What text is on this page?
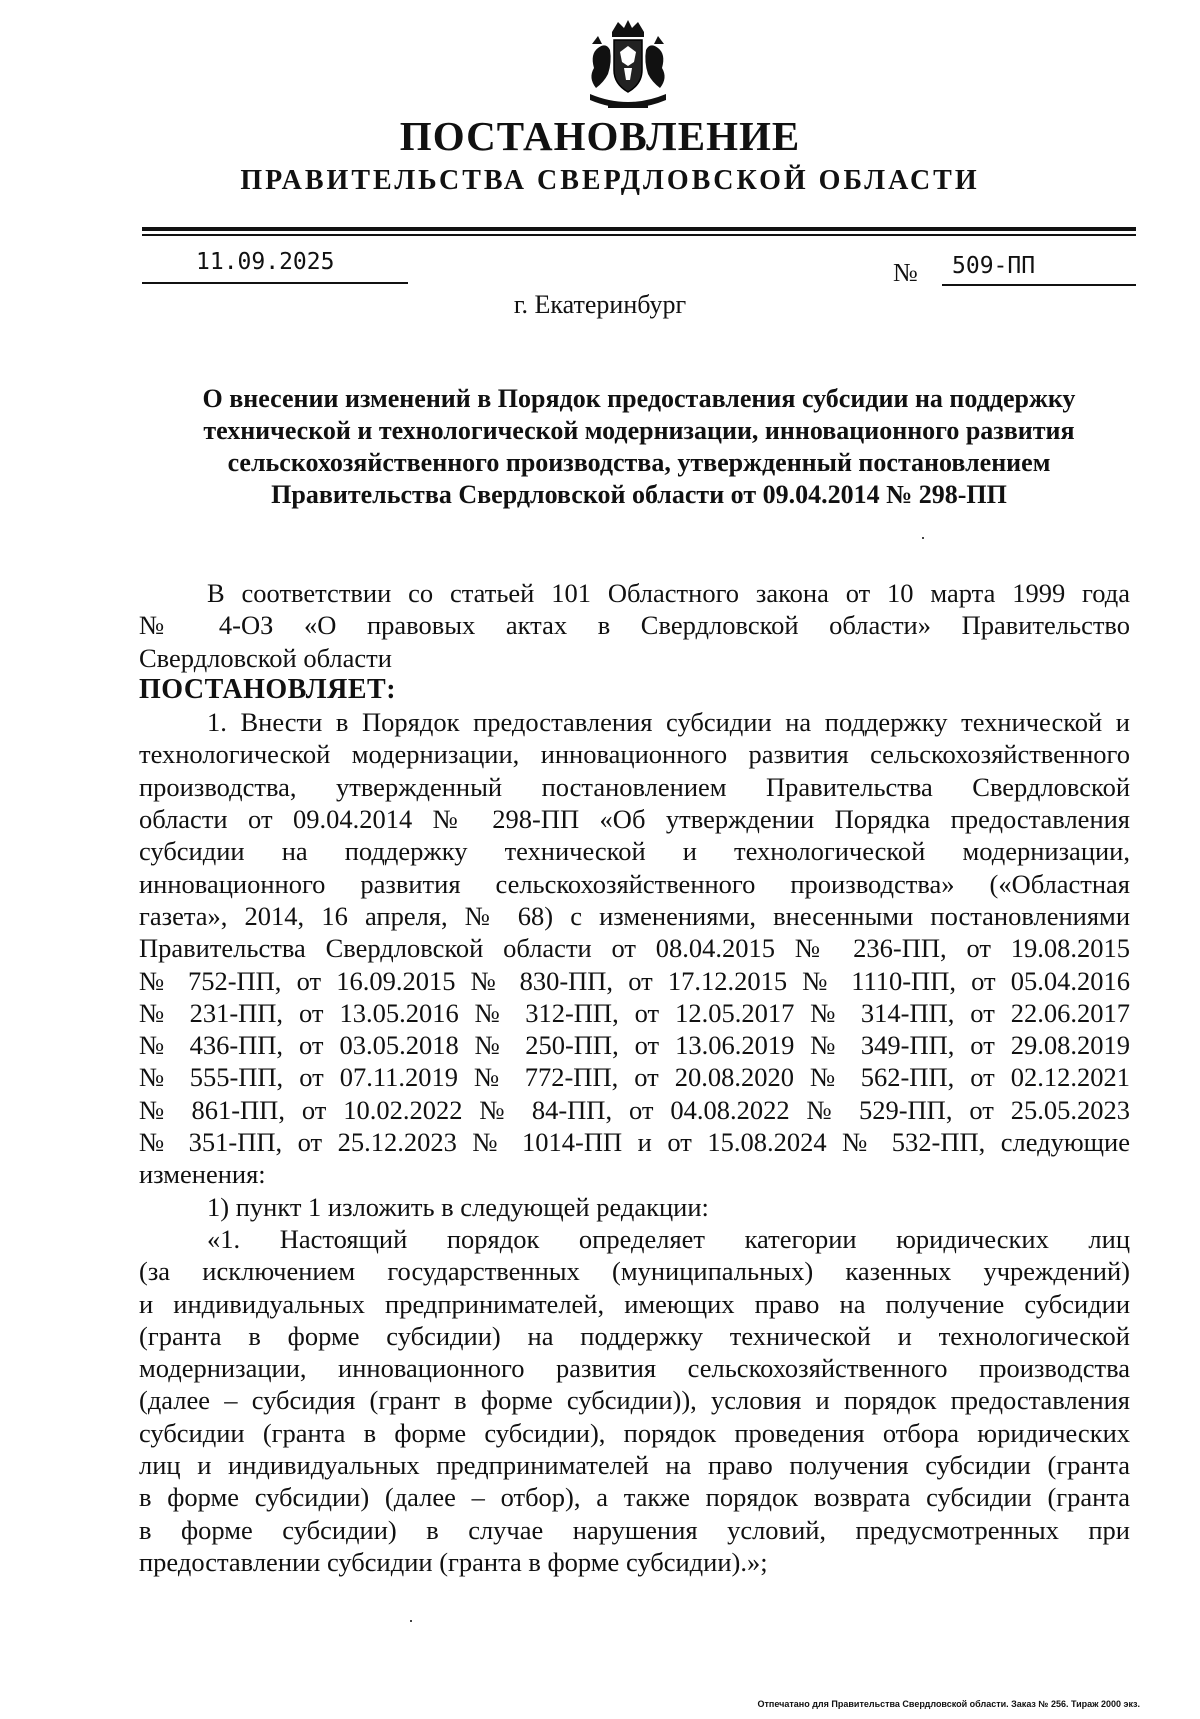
ПОСТАНОВЛЕНИЕ
ПРАВИТЕЛЬСТВА СВЕРДЛОВСКОЙ ОБЛАСТИ
11.09.2025	№ 509-ПП
г. Екатеринбург
О внесении изменений в Порядок предоставления субсидии на поддержку
технической и технологической модернизации, инновационного развития
сельскохозяйственного производства, утвержденный постановлением
Правительства Свердловской области от 09.04.2014 № 298-ПП
В соответствии со статьей 101 Областного закона от 10 марта 1999 года
№ 4-ОЗ «О правовых актах в Свердловской области» Правительство
Свердловской области
ПОСТАНОВЛЯЕТ:
1. Внести в Порядок предоставления субсидии на поддержку технической и
технологической модернизации, инновационного развития сельскохозяйственного
производства, утвержденный постановлением Правительства Свердловской
области от 09.04.2014 № 298-ПП «Об утверждении Порядка предоставления
субсидии на поддержку технической и технологической модернизации,
инновационного развития сельскохозяйственного производства» («Областная
газета», 2014, 16 апреля, № 68) с изменениями, внесенными постановлениями
Правительства Свердловской области от 08.04.2015 № 236-ПП, от 19.08.2015
№ 752-ПП, от 16.09.2015 № 830-ПП, от 17.12.2015 № 1110-ПП, от 05.04.2016
№ 231-ПП, от 13.05.2016 № 312-ПП, от 12.05.2017 № 314-ПП, от 22.06.2017
№ 436-ПП, от 03.05.2018 № 250-ПП, от 13.06.2019 № 349-ПП, от 29.08.2019
№ 555-ПП, от 07.11.2019 № 772-ПП, от 20.08.2020 № 562-ПП, от 02.12.2021
№ 861-ПП, от 10.02.2022 № 84-ПП, от 04.08.2022 № 529-ПП, от 25.05.2023
№ 351-ПП, от 25.12.2023 № 1014-ПП и от 15.08.2024 № 532-ПП, следующие
изменения:
1) пункт 1 изложить в следующей редакции:
«1. Настоящий порядок определяет категории юридических лиц
(за исключением государственных (муниципальных) казенных учреждений)
и индивидуальных предпринимателей, имеющих право на получение субсидии
(гранта в форме субсидии) на поддержку технической и технологической
модернизации, инновационного развития сельскохозяйственного производства
(далее – субсидия (грант в форме субсидии)), условия и порядок предоставления
субсидии (гранта в форме субсидии), порядок проведения отбора юридических
лиц и индивидуальных предпринимателей на право получения субсидии (гранта
в форме субсидии) (далее – отбор), а также порядок возврата субсидии (гранта
в форме субсидии) в случае нарушения условий, предусмотренных при
предоставлении субсидии (гранта в форме субсидии).»;
Отпечатано для Правительства Свердловской области. Заказ № 256. Тираж 2000 экз.
